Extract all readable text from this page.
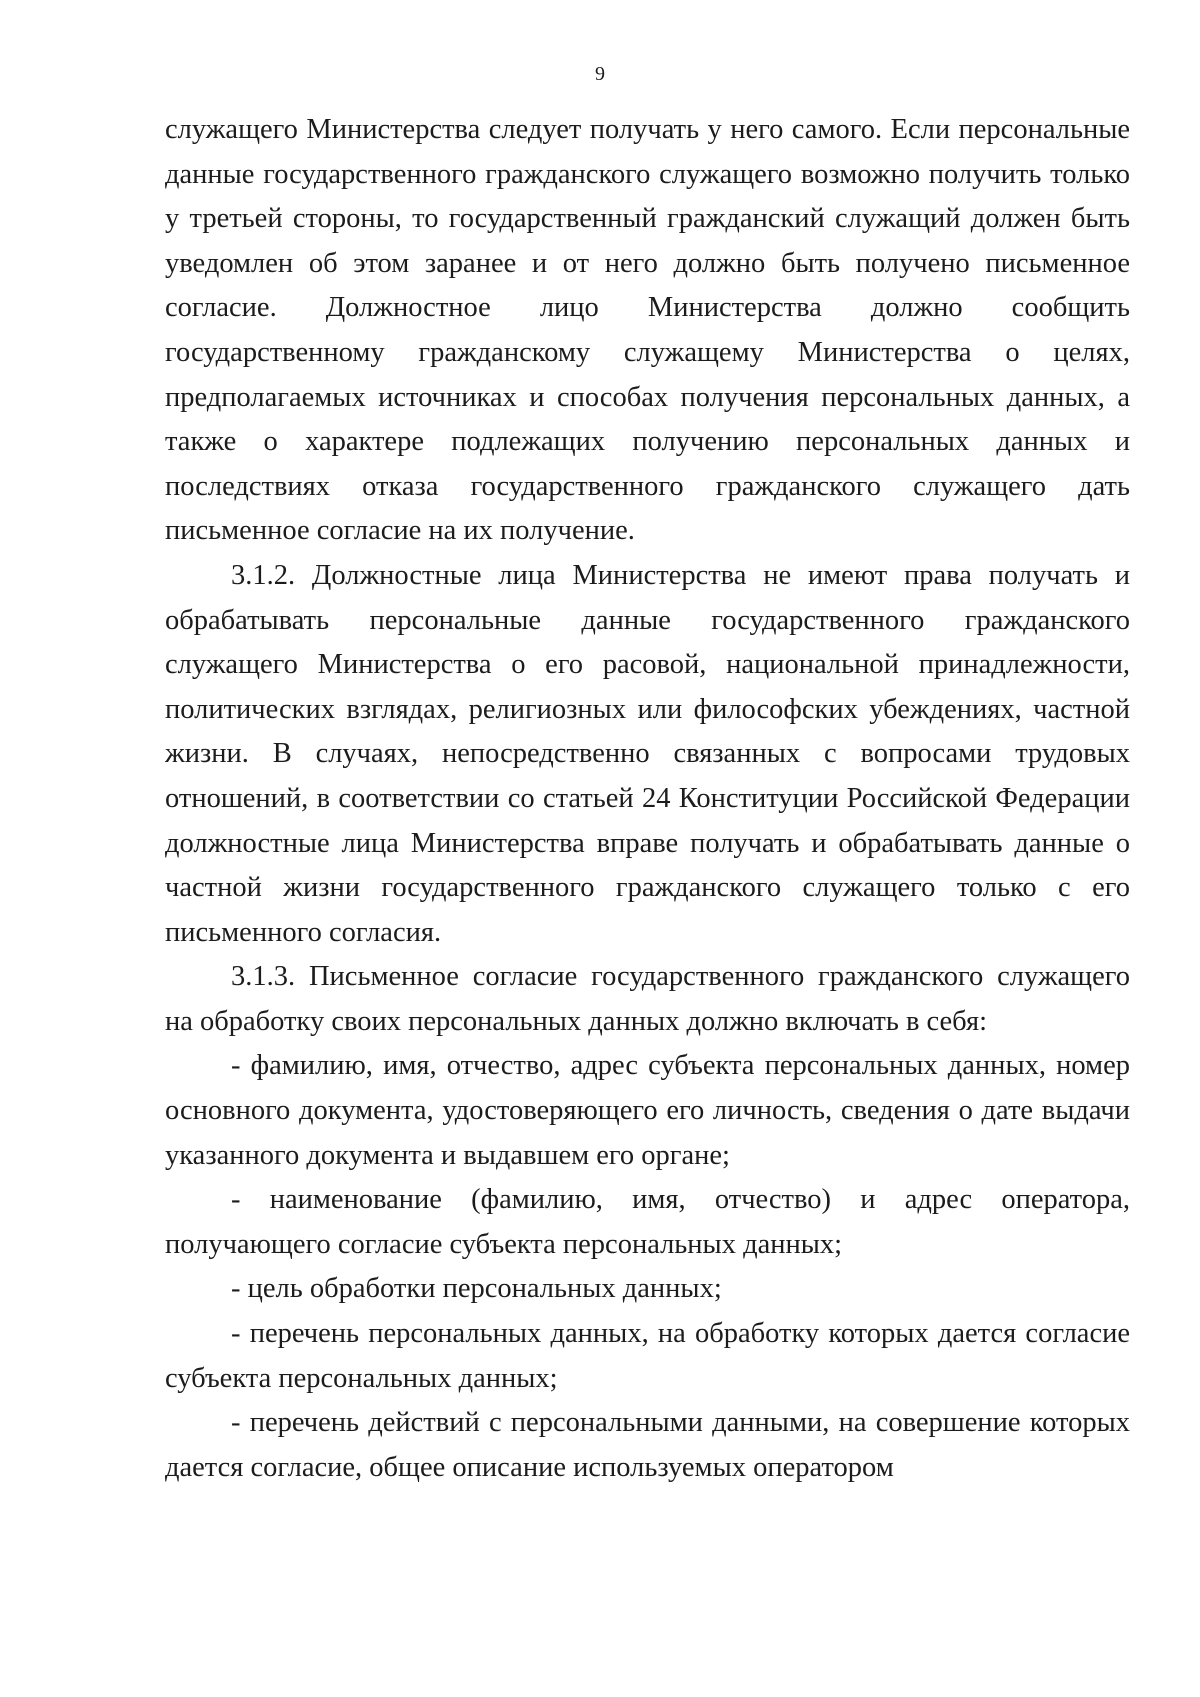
9

служащего Министерства следует получать у него самого. Если персональные данные государственного гражданского служащего возможно получить только у третьей стороны, то государственный гражданский служащий должен быть уведомлен об этом заранее и от него должно быть получено письменное согласие. Должностное лицо Министерства должно сообщить государственному гражданскому служащему Министерства о целях, предполагаемых источниках и способах получения персональных данных, а также о характере подлежащих получению персональных данных и последствиях отказа государственного гражданского служащего дать письменное согласие на их получение.

3.1.2. Должностные лица Министерства не имеют права получать и обрабатывать персональные данные государственного гражданского служащего Министерства о его расовой, национальной принадлежности, политических взглядах, религиозных или философских убеждениях, частной жизни. В случаях, непосредственно связанных с вопросами трудовых отношений, в соответствии со статьей 24 Конституции Российской Федерации должностные лица Министерства вправе получать и обрабатывать данные о частной жизни государственного гражданского служащего только с его письменного согласия.

3.1.3. Письменное согласие государственного гражданского служащего на обработку своих персональных данных должно включать в себя:

- фамилию, имя, отчество, адрес субъекта персональных данных, номер основного документа, удостоверяющего его личность, сведения о дате выдачи указанного документа и выдавшем его органе;

- наименование (фамилию, имя, отчество) и адрес оператора, получающего согласие субъекта персональных данных;

- цель обработки персональных данных;

- перечень персональных данных, на обработку которых дается согласие субъекта персональных данных;

- перечень действий с персональными данными, на совершение которых дается согласие, общее описание используемых оператором
